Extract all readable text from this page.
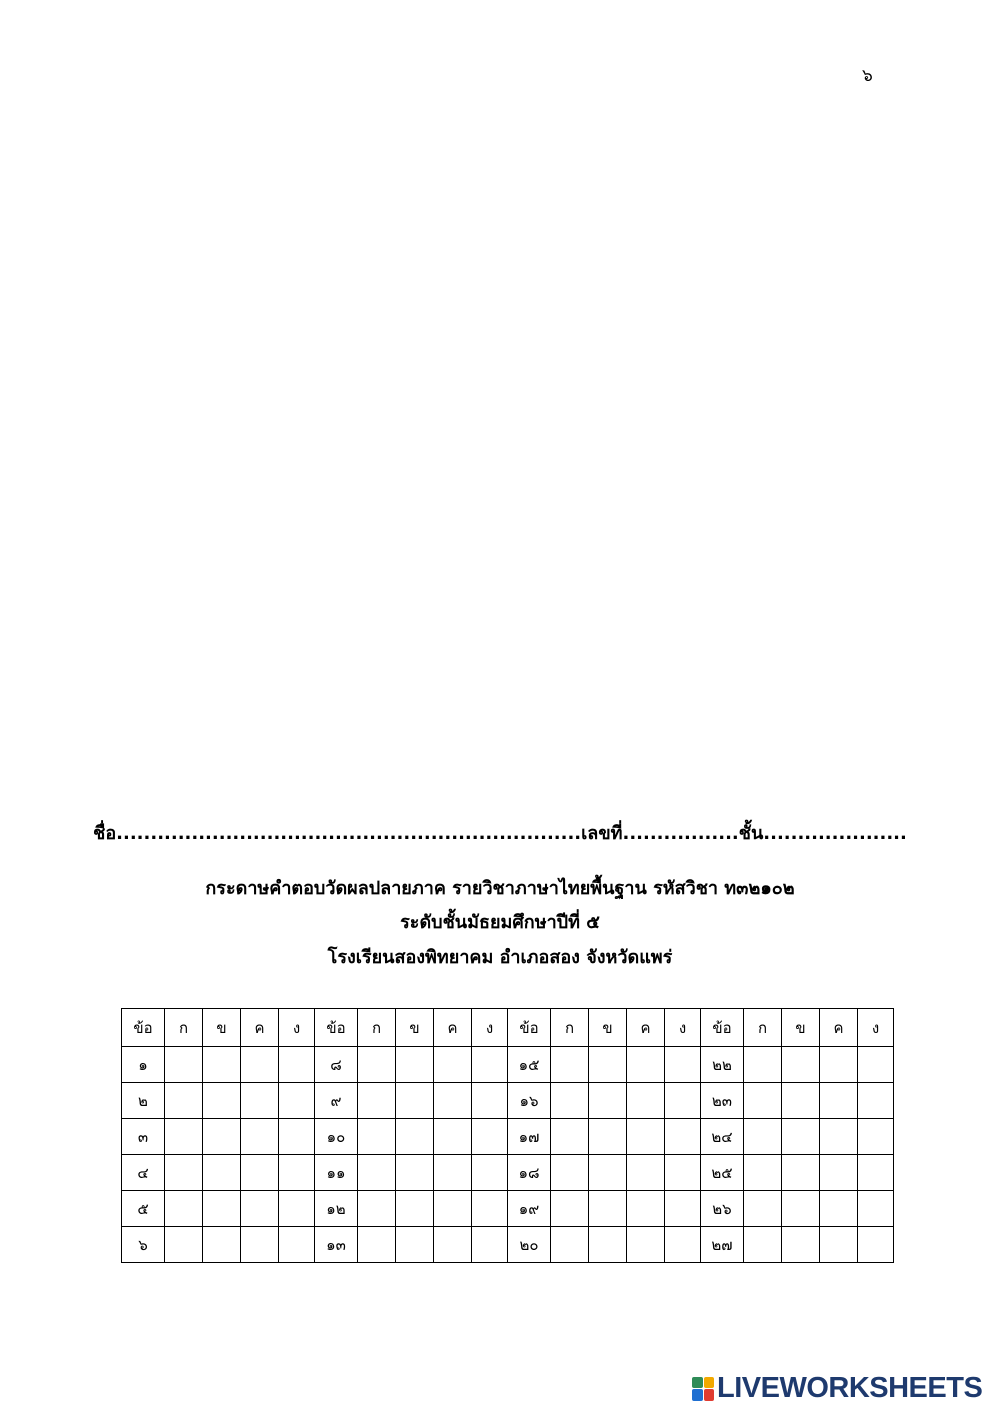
๖
ชื่อ....................................................................เลขที่.................ชั้น.....................
กระดาษคำตอบวัดผลปลายภาค รายวิชาภาษาไทยพื้นฐาน รหัสวิชา ท๓๒๑๐๒
ระดับชั้นมัธยมศึกษาปีที่ ๕
โรงเรียนสองพิทยาคม อำเภอสอง จังหวัดแพร่
ข้อ	ก	ข	ค	ง	ข้อ	ก	ข	ค	ง	ข้อ	ก	ข	ค	ง	ข้อ	ก	ข	ค	ง
๑					๘					๑๕					๒๒				
๒					๙					๑๖					๒๓				
๓					๑๐					๑๗					๒๔				
๔					๑๑					๑๘					๒๕				
๕					๑๒					๑๙					๒๖				
๖					๑๓					๒๐					๒๗				
LIVEWORKSHEETS
